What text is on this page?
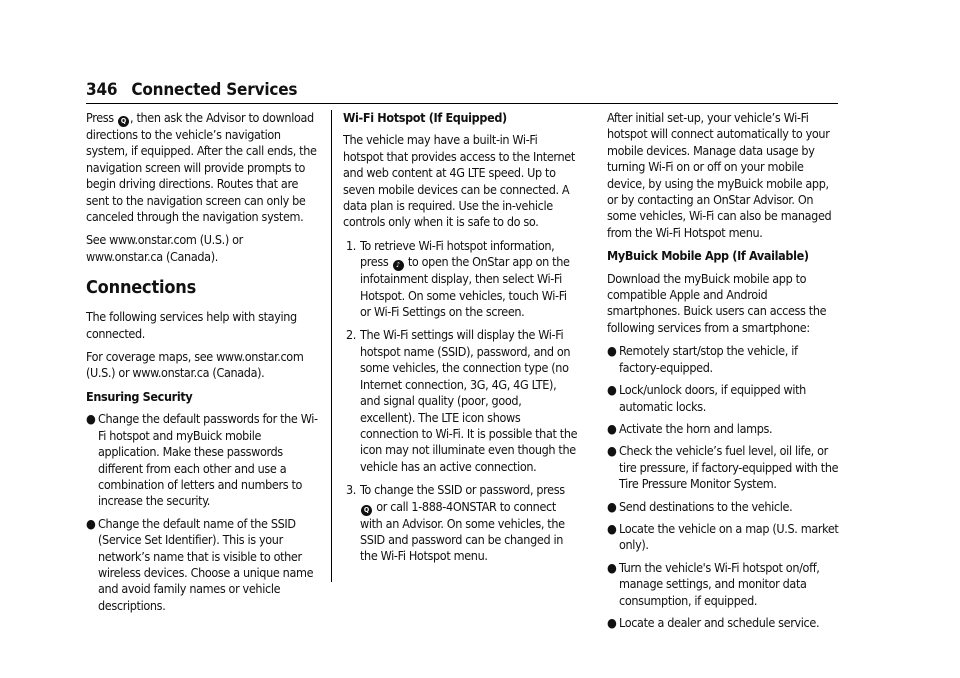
346 Connected Services

Press Q , then ask the Advisor to download directions to the vehicle’s navigation system, if equipped. After the call ends, the navigation screen will provide prompts to begin driving directions. Routes that are sent to the navigation screen can only be canceled through the navigation system.

See www.onstar.com (U.S.) or www.onstar.ca (Canada).

Connections

The following services help with staying connected.

For coverage maps, see www.onstar.com (U.S.) or www.onstar.ca (Canada).

Ensuring Security
● Change the default passwords for the Wi-Fi hotspot and myBuick mobile application. Make these passwords different from each other and use a combination of letters and numbers to increase the security.
● Change the default name of the SSID (Service Set Identifier). This is your network’s name that is visible to other wireless devices. Choose a unique name and avoid family names or vehicle descriptions.
Wi-Fi Hotspot (If Equipped)

The vehicle may have a built-in Wi-Fi hotspot that provides access to the Internet and web content at 4G LTE speed. Up to seven mobile devices can be connected. A data plan is required. Use the in-vehicle controls only when it is safe to do so.

1. To retrieve Wi-Fi hotspot information, press ♪ to open the OnStar app on the infotainment display, then select Wi-Fi Hotspot. On some vehicles, touch Wi-Fi or Wi-Fi Settings on the screen.
2. The Wi-Fi settings will display the Wi-Fi hotspot name (SSID), password, and on some vehicles, the connection type (no Internet connection, 3G, 4G, 4G LTE), and signal quality (poor, good, excellent). The LTE icon shows connection to Wi-Fi. It is possible that the icon may not illuminate even though the vehicle has an active connection.
3. To change the SSID or password, press Q or call 1-888-4ONSTAR to connect with an Advisor. On some vehicles, the SSID and password can be changed in the Wi-Fi Hotspot menu.

After initial set-up, your vehicle’s Wi-Fi hotspot will connect automatically to your mobile devices. Manage data usage by turning Wi-Fi on or off on your mobile device, by using the myBuick mobile app, or by contacting an OnStar Advisor. On some vehicles, Wi-Fi can also be managed from the Wi-Fi Hotspot menu.

MyBuick Mobile App (If Available)

Download the myBuick mobile app to compatible Apple and Android smartphones. Buick users can access the following services from a smartphone:

● Remotely start/stop the vehicle, if factory-equipped.
● Lock/unlock doors, if equipped with automatic locks.
● Activate the horn and lamps.
● Check the vehicle’s fuel level, oil life, or tire pressure, if factory-equipped with the Tire Pressure Monitor System.
● Send destinations to the vehicle.
● Locate the vehicle on a map (U.S. market only).
● Turn the vehicle's Wi-Fi hotspot on/off, manage settings, and monitor data consumption, if equipped.
● Locate a dealer and schedule service.
